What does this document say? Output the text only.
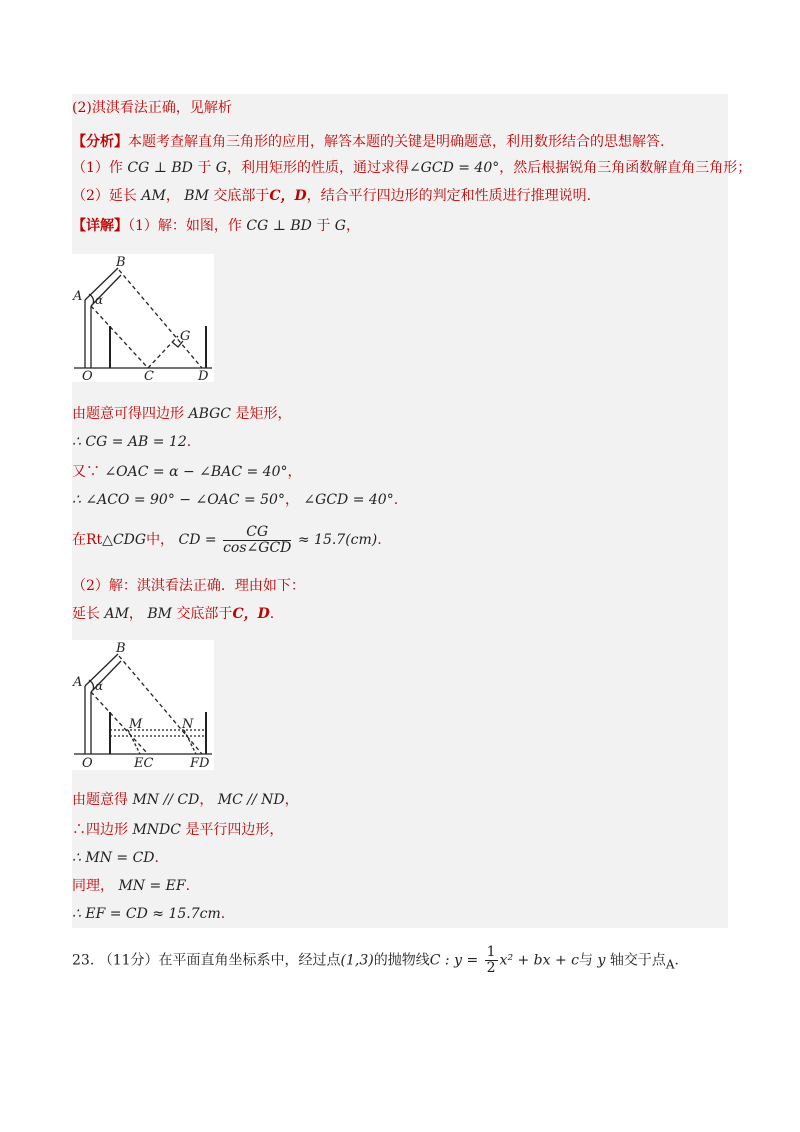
(2)淇淇看法正确，见解析
【分析】本题考查解直角三角形的应用，解答本题的关键是明确题意，利用数形结合的思想解答.
（1）作 CG ⊥ BD 于 G，利用矩形的性质，通过求得∠GCD = 40°，然后根据锐角三角函数解直角三角形；
（2）延长 AM， BM 交底部于C，D，结合平行四边形的判定和性质进行推理说明.
【详解】（1）解：如图，作 CG ⊥ BD 于 G，
B
A α
G
O	C	D
由题意可得四边形 ABGC 是矩形，
∴ CG = AB = 12.
又∵ ∠OAC = α − ∠BAC = 40°，
∴ ∠ACO = 90° − ∠OAC = 50°， ∠GCD = 40°.
在Rt△CDG中， CD = $\frac{CG}{\text{cos∠GCD}} \approx 15.7(cm)$.
（2）解：淇淇看法正确．理由如下：
延长 AM， BM 交底部于C，D.
B
A α
M	N
O	EC	FD
由题意得 MN // CD， MC // ND，
∴四边形 MNDC 是平行四边形，
∴ MN = CD.
同理， MN = EF.
∴ EF = CD ≈ 15.7cm.
23. （11分）在平面直角坐标系中，经过点(1,3)的抛物线C : $y = \frac{1}{2} x^2$ + bx + c与 y 轴交于点A.
